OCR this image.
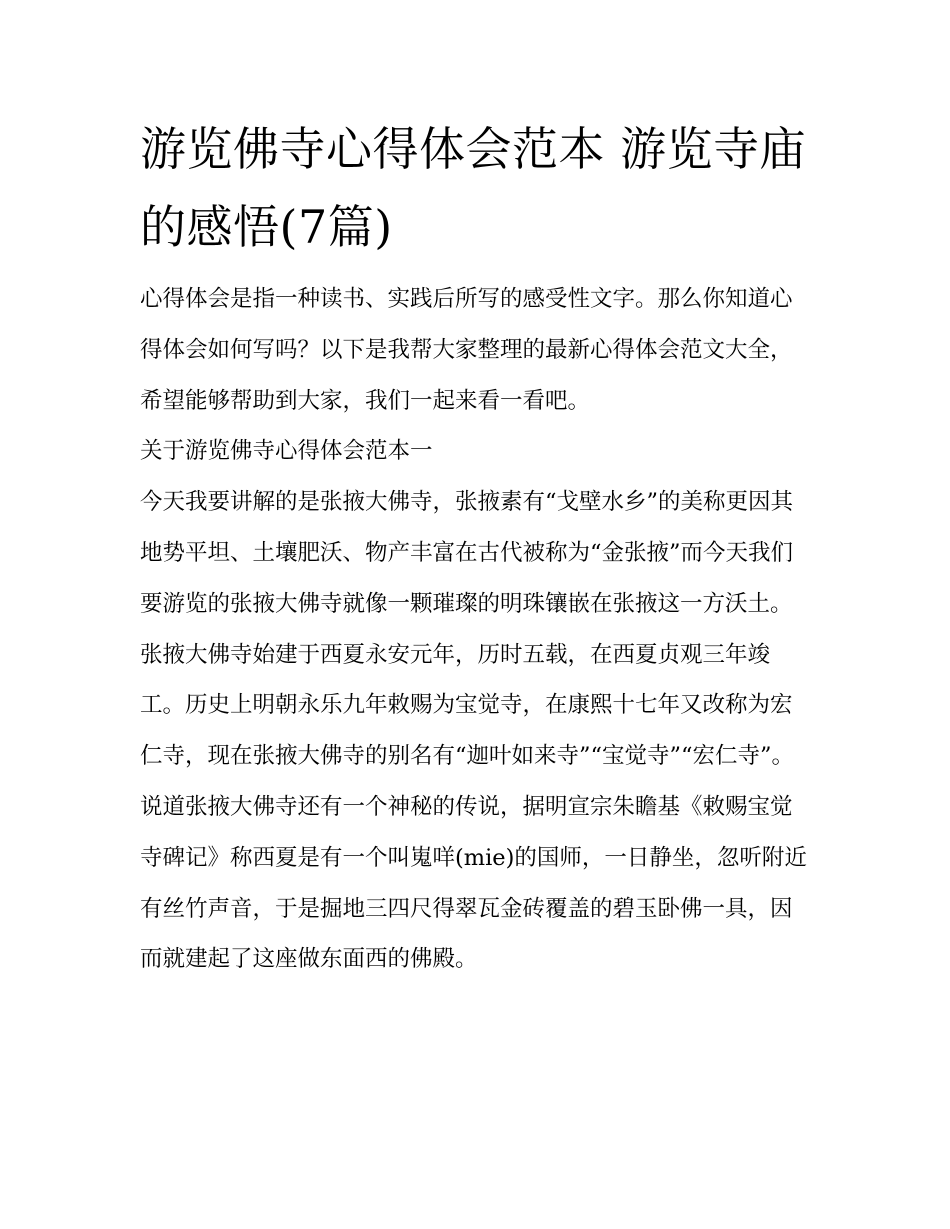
游览佛寺心得体会范本 游览寺庙的感悟(7篇)

心得体会是指一种读书、实践后所写的感受性文字。那么你知道心得体会如何写吗？以下是我帮大家整理的最新心得体会范文大全，希望能够帮助到大家，我们一起来看一看吧。

关于游览佛寺心得体会范本一

今天我要讲解的是张掖大佛寺，张掖素有“戈壁水乡”的美称更因其地势平坦、土壤肥沃、物产丰富在古代被称为“金张掖”而今天我们要游览的张掖大佛寺就像一颗璀璨的明珠镶嵌在张掖这一方沃土。

张掖大佛寺始建于西夏永安元年，历时五载，在西夏贞观三年竣工。历史上明朝永乐九年敕赐为宝觉寺，在康熙十七年又改称为宏仁寺，现在张掖大佛寺的别名有“迦叶如来寺”“宝觉寺”“宏仁寺”。说道张掖大佛寺还有一个神秘的传说，据明宣宗朱瞻基《敕赐宝觉寺碑记》称西夏是有一个叫嵬咩(mie)的国师，一日静坐，忽听附近有丝竹声音，于是掘地三四尺得翠瓦金砖覆盖的碧玉卧佛一具，因而就建起了这座做东面西的佛殿。
